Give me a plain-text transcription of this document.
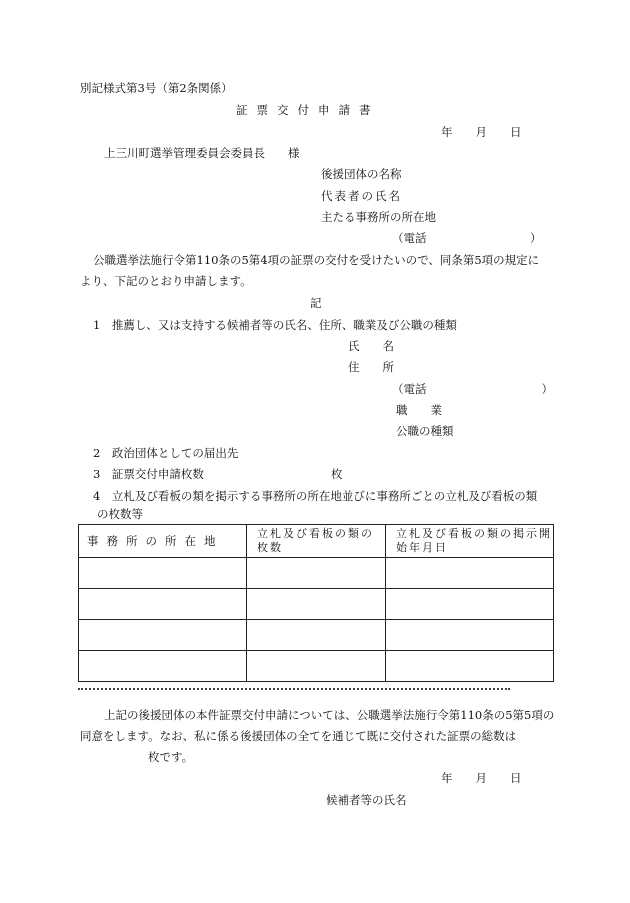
別記様式第3号（第2条関係）
証票交付申請書
年　　月　　日
上三川町選挙管理委員会委員長　　様
後援団体の名称
代表者の氏名
主たる事務所の所在地
（電話　　　　　　　　　）
公職選挙法施行令第110条の5第4項の証票の交付を受けたいので、同条第5項の規定に
より、下記のとおり申請します。
記
1　推薦し、又は支持する候補者等の氏名、住所、職業及び公職の種類
氏　　名
住　　所
（電話　　　　　　　　　　）
職　　業
公職の種類
2　政治団体としての届出先
3　証票交付申請枚数	枚
4　立札及び看板の類を掲示する事務所の所在地並びに事務所ごとの立札及び看板の類
の枚数等
事務所の所在地	立札及び看板の類の枚数	立札及び看板の類の掲示開始年月日

上記の後援団体の本件証票交付申請については、公職選挙法施行令第110条の5第5項の
同意をします。なお、私に係る後援団体の全てを通じて既に交付された証票の総数は
枚です。
年　　月　　日
候補者等の氏名
